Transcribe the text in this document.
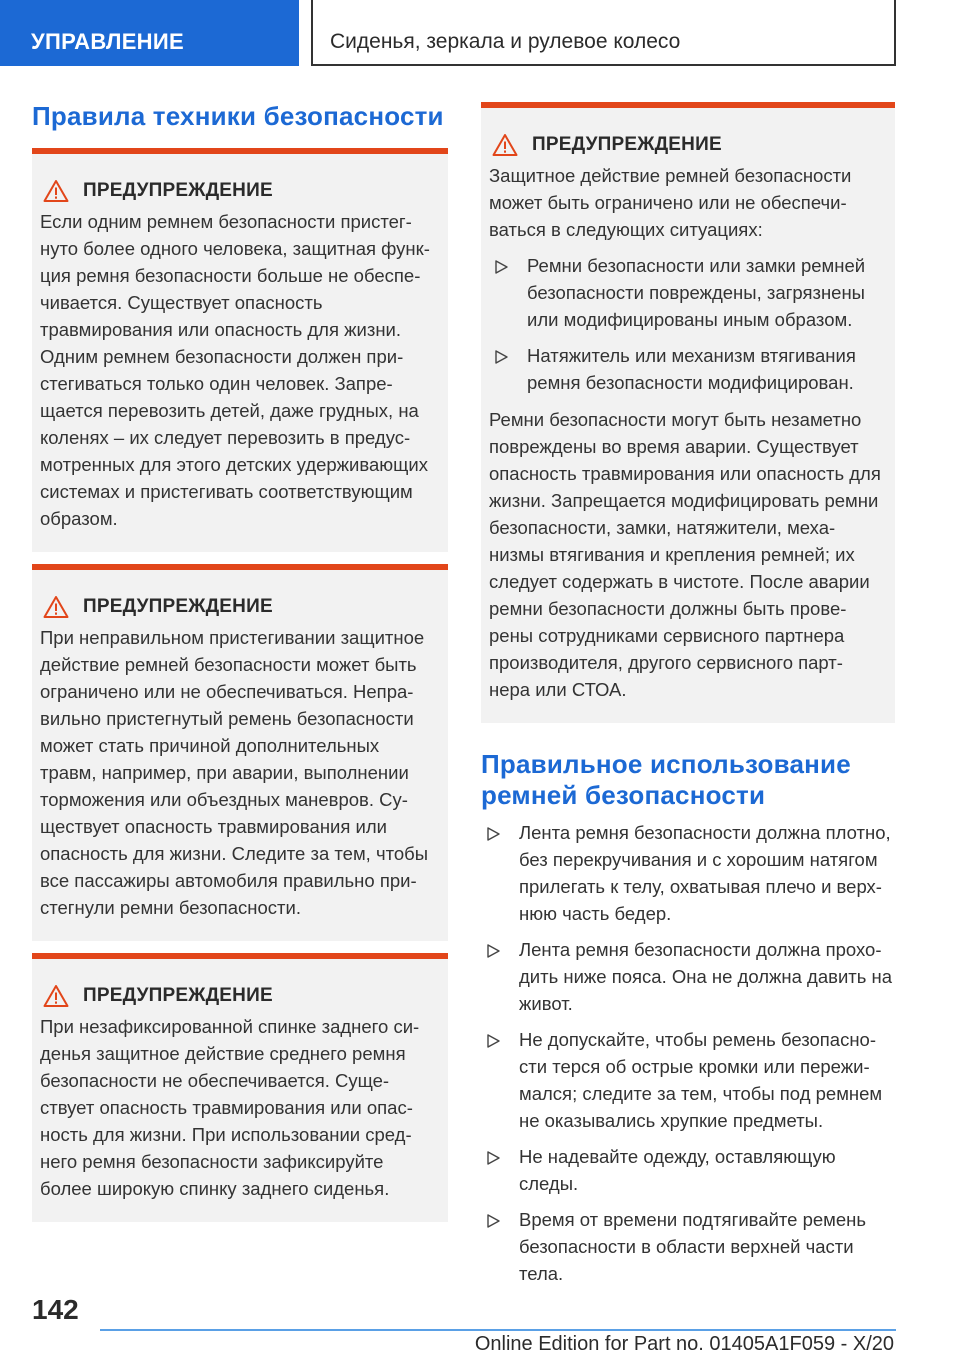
УПРАВЛЕНИЕ	Сиденья, зеркала и рулевое колесо
Правила техники безопасности
ПРЕДУПРЕЖДЕНИЕ
Если одним ремнем безопасности пристег-
нуто более одного человека, защитная функ-
ция ремня безопасности больше не обеспе-
чивается. Существует опасность
травмирования или опасность для жизни.
Одним ремнем безопасности должен при-
стегиваться только один человек. Запре-
щается перевозить детей, даже грудных, на
коленях – их следует перевозить в предус-
мотренных для этого детских удерживающих
системах и пристегивать соответствующим
образом.
ПРЕДУПРЕЖДЕНИЕ
При неправильном пристегивании защитное
действие ремней безопасности может быть
ограничено или не обеспечиваться. Непра-
вильно пристегнутый ремень безопасности
может стать причиной дополнительных
травм, например, при аварии, выполнении
торможения или объездных маневров. Су-
ществует опасность травмирования или
опасность для жизни. Следите за тем, чтобы
все пассажиры автомобиля правильно при-
стегнули ремни безопасности.
ПРЕДУПРЕЖДЕНИЕ
При незафиксированной спинке заднего си-
денья защитное действие среднего ремня
безопасности не обеспечивается. Суще-
ствует опасность травмирования или опас-
ность для жизни. При использовании сред-
него ремня безопасности зафиксируйте
более широкую спинку заднего сиденья.
ПРЕДУПРЕЖДЕНИЕ
Защитное действие ремней безопасности
может быть ограничено или не обеспечи-
ваться в следующих ситуациях:
Ремни безопасности или замки ремней
безопасности повреждены, загрязнены
или модифицированы иным образом.
Натяжитель или механизм втягивания
ремня безопасности модифицирован.
Ремни безопасности могут быть незаметно
повреждены во время аварии. Существует
опасность травмирования или опасность для
жизни. Запрещается модифицировать ремни
безопасности, замки, натяжители, меха-
низмы втягивания и крепления ремней; их
следует содержать в чистоте. После аварии
ремни безопасности должны быть прове-
рены сотрудниками сервисного партнера
производителя, другого сервисного парт-
нера или СТОА.
Правильное использование
ремней безопасности
Лента ремня безопасности должна плотно,
без перекручивания и с хорошим натягом
прилегать к телу, охватывая плечо и верх-
нюю часть бедер.
Лента ремня безопасности должна прохо-
дить ниже пояса. Она не должна давить на
живот.
Не допускайте, чтобы ремень безопасно-
сти терся об острые кромки или пережи-
мался; следите за тем, чтобы под ремнем
не оказывались хрупкие предметы.
Не надевайте одежду, оставляющую
следы.
Время от времени подтягивайте ремень
безопасности в области верхней части
тела.
142
Online Edition for Part no. 01405A1F059 - X/20
